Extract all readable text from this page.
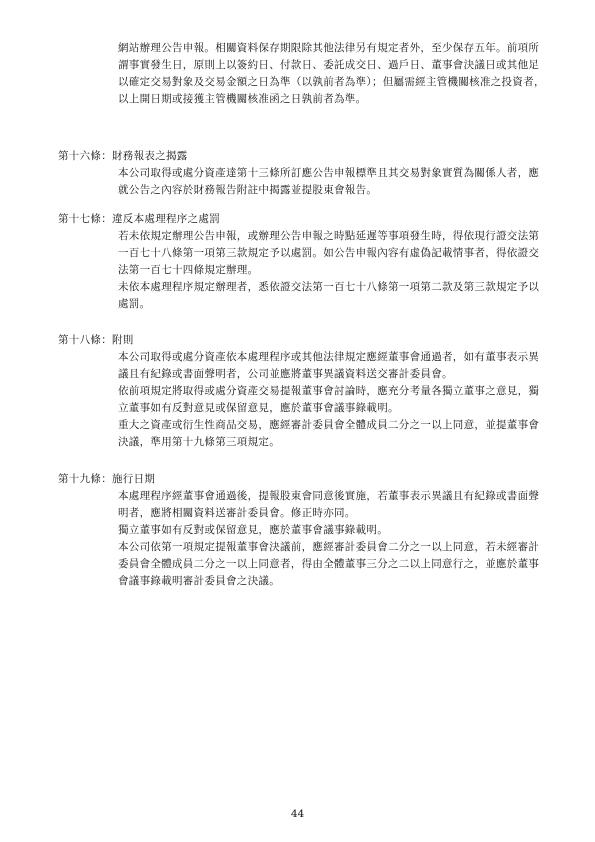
網站辦理公告申報。相關資料保存期限除其他法律另有規定者外，至少保存五年。前項所謂事實發生日，原則上以簽約日、付款日、委託成交日、過戶日、董事會決議日或其他足以確定交易對象及交易金額之日為準（以孰前者為準）；但屬需經主管機關核准之投資者，以上開日期或接獲主管機關核准函之日孰前者為準。

第十六條：財務報表之揭露

本公司取得或處分資產達第十三條所訂應公告申報標準且其交易對象實質為關係人者，應就公告之內容於財務報告附註中揭露並提股東會報告。

第十七條：違反本處理程序之處罰

若未依規定辦理公告申報，或辦理公告申報之時點延遲等事項發生時，得依現行證交法第一百七十八條第一項第三款規定予以處罰。如公告申報內容有虛偽記載情事者，得依證交法第一百七十四條規定辦理。

未依本處理程序規定辦理者，悉依證交法第一百七十八條第一項第二款及第三款規定予以處罰。

第十八條：附則

本公司取得或處分資產依本處理程序或其他法律規定應經董事會通過者，如有董事表示異議且有紀錄或書面聲明者，公司並應將董事異議資料送交審計委員會。

依前項規定將取得或處分資產交易提報董事會討論時，應充分考量各獨立董事之意見，獨立董事如有反對意見或保留意見，應於董事會議事錄載明。

重大之資產或衍生性商品交易，應經審計委員會全體成員二分之一以上同意，並提董事會決議，準用第十九條第三項規定。

第十九條：施行日期

本處理程序經董事會通過後，提報股東會同意後實施，若董事表示異議且有紀錄或書面聲明者，應將相關資料送審計委員會。修正時亦同。

獨立董事如有反對或保留意見，應於董事會議事錄載明。

本公司依第一項規定提報董事會決議前，應經審計委員會二分之一以上同意，若未經審計委員會全體成員二分之一以上同意者，得由全體董事三分之二以上同意行之，並應於董事會議事錄載明審計委員會之決議。

44
